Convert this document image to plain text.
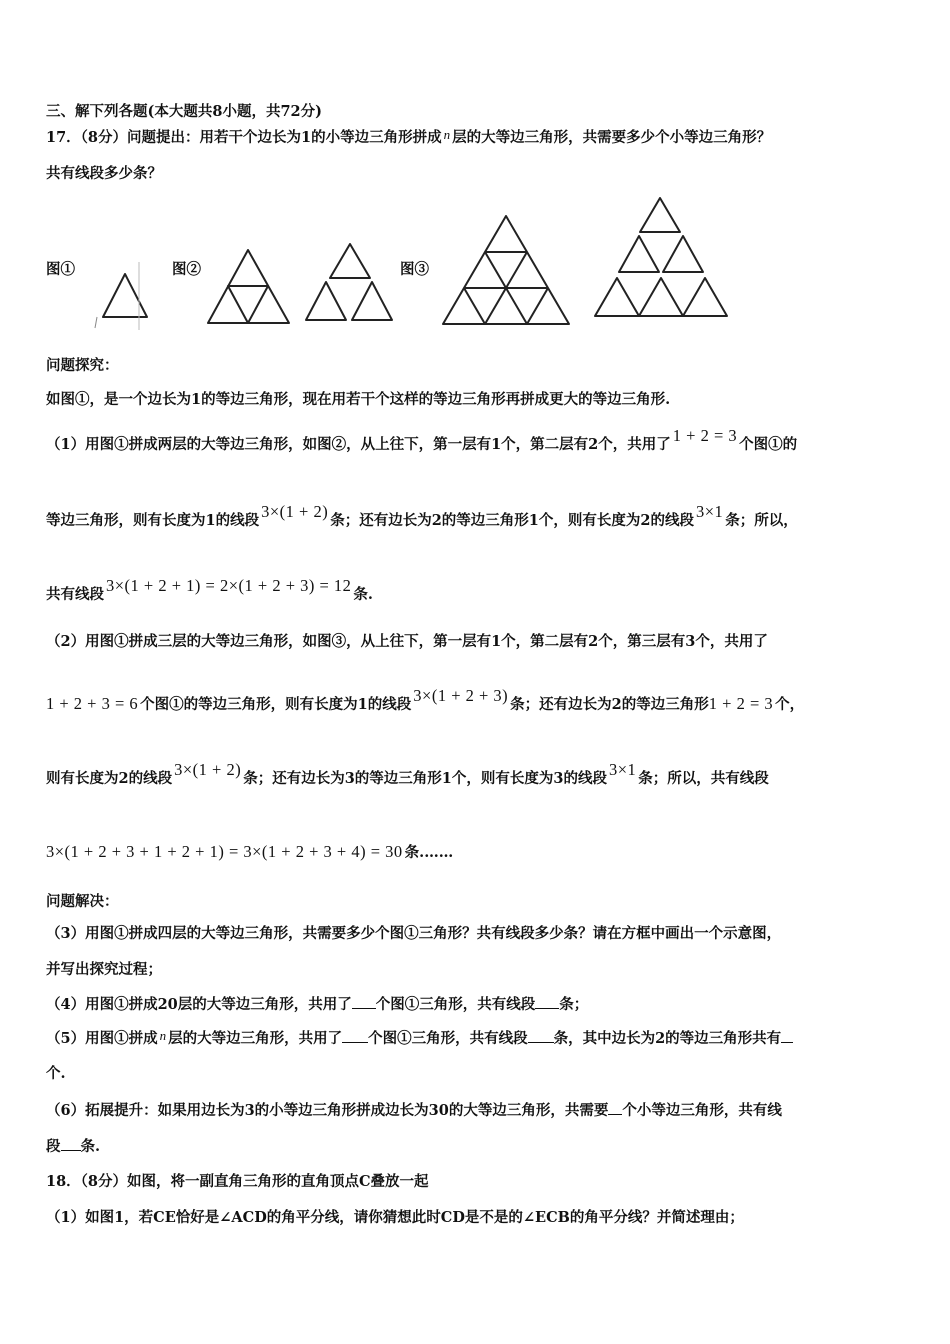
三、解下列各题(本大题共8小题，共72分)
17．（8分）问题提出：用若干个边长为1的小等边三角形拼成 n 层的大等边三角形，共需要多少个小等边三角形？
共有线段多少条？
图①	图②	图③
问题探究：
如图①，是一个边长为1的等边三角形，现在用若干个这样的等边三角形再拼成更大的等边三角形.
（1）用图①拼成两层的大等边三角形，如图②，从上往下，第一层有1个，第二层有2个，共用了 1 + 2 = 3 个图①的
等边三角形，则有长度为1的线段 3×(1 + 2) 条；还有边长为2的等边三角形1个，则有长度为2的线段 3×1 条；所以，
共有线段 3×(1 + 2 + 1) = 2×(1 + 2 + 3) = 12 条.
（2）用图①拼成三层的大等边三角形，如图③，从上往下，第一层有1个，第二层有2个，第三层有3个，共用了
1 + 2 + 3 = 6 个图①的等边三角形，则有长度为1的线段 3×(1 + 2 + 3) 条；还有边长为2的等边三角形1 + 2 = 3 个，
则有长度为2的线段 3×(1 + 2) 条；还有边长为3的等边三角形1个，则有长度为3的线段 3×1 条；所以，共有线段
3×(1 + 2 + 3 + 1 + 2 + 1) = 3×(1 + 2 + 3 + 4) = 30 条.……
问题解决：
（3）用图①拼成四层的大等边三角形，共需要多少个图①三角形？共有线段多少条？请在方框中画出一个示意图，
并写出探究过程；
（4）用图①拼成20层的大等边三角形，共用了 个图①三角形，共有线段 条；
（5）用图①拼成 n 层的大等边三角形，共用了 个图①三角形，共有线段 条，其中边长为2的等边三角形共有
个.
（6）拓展提升：如果用边长为3的小等边三角形拼成边长为30的大等边三角形，共需要 个小等边三角形，共有线
段 条.
18．（8分）如图，将一副直角三角形的直角顶点C叠放一起
（1）如图1，若CE恰好是∠ACD的角平分线，请你猜想此时CD是不是的∠ECB的角平分线？并简述理由；
